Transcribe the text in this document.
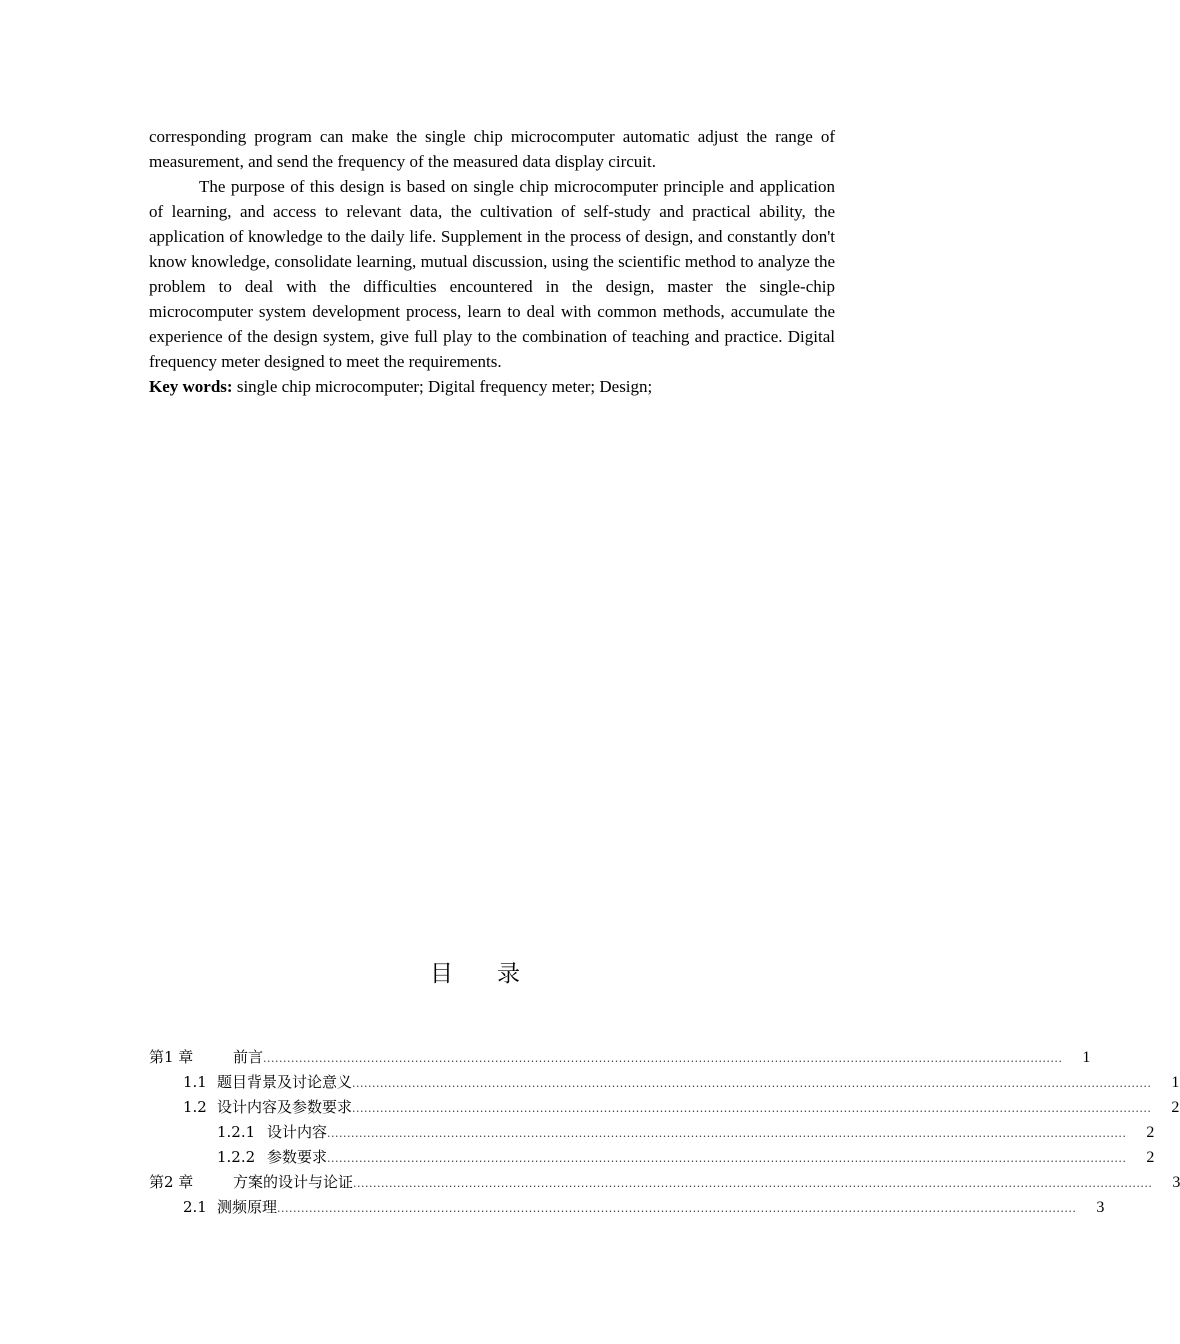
corresponding program can make the single chip microcomputer automatic adjust the range of measurement, and send the frequency of the measured data display circuit.

The purpose of this design is based on single chip microcomputer principle and application of learning, and access to relevant data, the cultivation of self-study and practical ability, the application of knowledge to the daily life. Supplement in the process of design, and constantly don't know knowledge, consolidate learning, mutual discussion, using the scientific method to analyze the problem to deal with the difficulties encountered in the design, master the single-chip microcomputer system development process, learn to deal with common methods, accumulate the experience of the design system, give full play to the combination of teaching and practice. Digital frequency meter designed to meet the requirements.

Key words: single chip microcomputer; Digital frequency meter; Design;

目 录
第1 章	前言 ........................................................................................................................................................................................................ 1
1.1 题目背景及讨论意义 ........................................................................................................................................................................................................ 1
1.2 设计内容及参数要求 ........................................................................................................................................................................................................ 2
1.2.1 设计内容 ........................................................................................................................................................................................................ 2
1.2.2 参数要求 ........................................................................................................................................................................................................ 2
第2 章	方案的设计与论证 ........................................................................................................................................................................................................ 3
2.1 测频原理 ........................................................................................................................................................................................................ 3
